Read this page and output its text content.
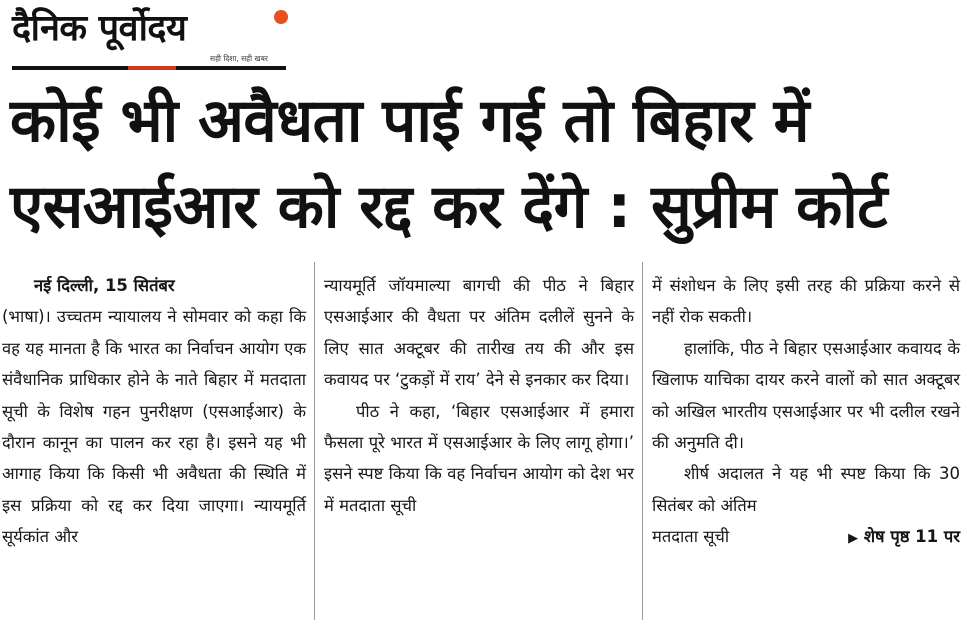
दैनिक पूर्वोदय
सही दिशा, सही खबर
कोई भी अवैधता पाई गई तो बिहार में
एसआईआर को रद्द कर देंगे : सुप्रीम कोर्ट

नई दिल्ली, 15 सितंबर

(भाषा)। उच्चतम न्यायालय ने सोमवार को कहा कि वह यह मानता है कि भारत का निर्वाचन आयोग एक संवैधानिक प्राधिकार होने के नाते बिहार में मतदाता सूची के विशेष गहन पुनरीक्षण (एसआईआर) के दौरान कानून का पालन कर रहा है। इसने यह भी आगाह किया कि किसी भी अवैधता की स्थिति में इस प्रक्रिया को रद्द कर दिया जाएगा। न्यायमूर्ति सूर्यकांत और

न्यायमूर्ति जॉयमाल्या बागची की पीठ ने बिहार एसआईआर की वैधता पर अंतिम दलीलें सुनने के लिए सात अक्टूबर की तारीख तय की और इस कवायद पर ‘टुकड़ों में राय’ देने से इनकार कर दिया।

पीठ ने कहा, ‘बिहार एसआईआर में हमारा फैसला पूरे भारत में एसआईआर के लिए लागू होगा।’ इसने स्पष्ट किया कि वह निर्वाचन आयोग को देश भर में मतदाता सूची

में संशोधन के लिए इसी तरह की प्रक्रिया करने से नहीं रोक सकती।

हालांकि, पीठ ने बिहार एसआईआर कवायद के खिलाफ याचिका दायर करने वालों को सात अक्टूबर को अखिल भारतीय एसआईआर पर भी दलील रखने की अनुमति दी।

शीर्ष अदालत ने यह भी स्पष्ट किया कि 30 सितंबर को अंतिम

मतदाता सूची	▶ शेष पृष्ठ 11 पर
